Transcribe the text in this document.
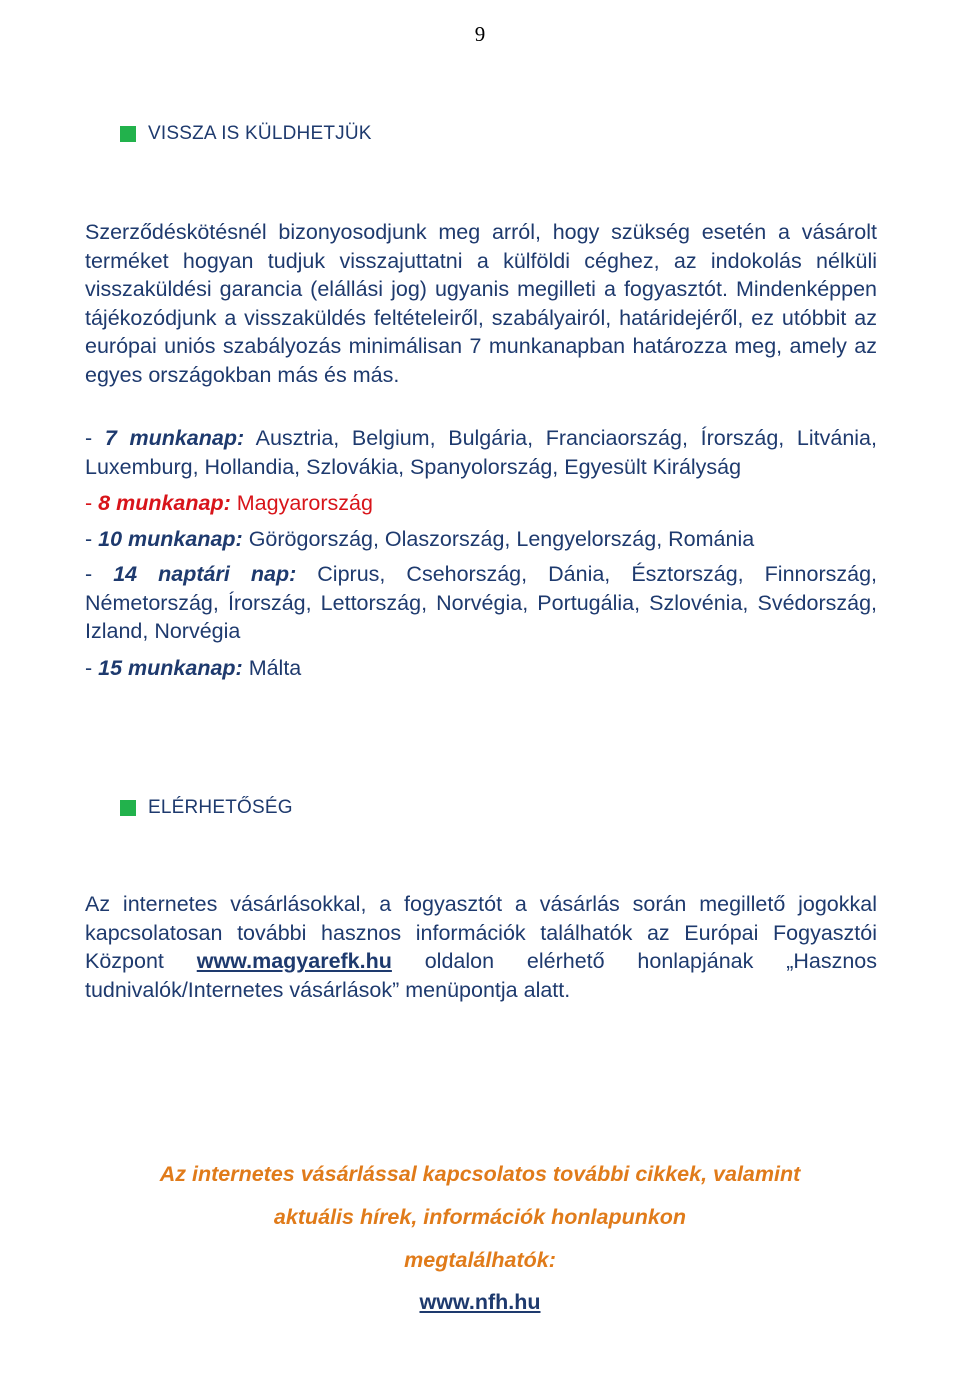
9
VISSZA IS KÜLDHETJÜK
Szerződéskötésnél bizonyosodjunk meg arról, hogy szükség esetén a vásárolt terméket hogyan tudjuk visszajuttatni a külföldi céghez, az indokolás nélküli visszaküldési garancia (elállási jog) ugyanis megilleti a fogyasztót. Mindenképpen tájékozódjunk a visszaküldés feltételeiről, szabályairól, határidejéről, ez utóbbit az európai uniós szabályozás minimálisan 7 munkanapban határozza meg, amely az egyes országokban más és más.
- 7 munkanap: Ausztria, Belgium, Bulgária, Franciaország, Írország, Litvánia, Luxemburg, Hollandia, Szlovákia, Spanyolország, Egyesült Királyság
- 8 munkanap: Magyarország
- 10 munkanap: Görögország, Olaszország, Lengyelország, Románia
- 14 naptári nap: Ciprus, Csehország, Dánia, Észtország, Finnország, Németország, Írország, Lettország, Norvégia, Portugália, Szlovénia, Svédország, Izland, Norvégia
- 15 munkanap: Málta
ELÉRHETŐSÉG
Az internetes vásárlásokkal, a fogyasztót a vásárlás során megillető jogokkal kapcsolatosan további hasznos információk találhatók az Európai Fogyasztói Központ www.magyarefk.hu oldalon elérhető honlapjának „Hasznos tudnivalók/Internetes vásárlások” menüpontja alatt.
Az internetes vásárlással kapcsolatos további cikkek, valamint
aktuális hírek, információk honlapunkon
megtalálhatók:
www.nfh.hu
